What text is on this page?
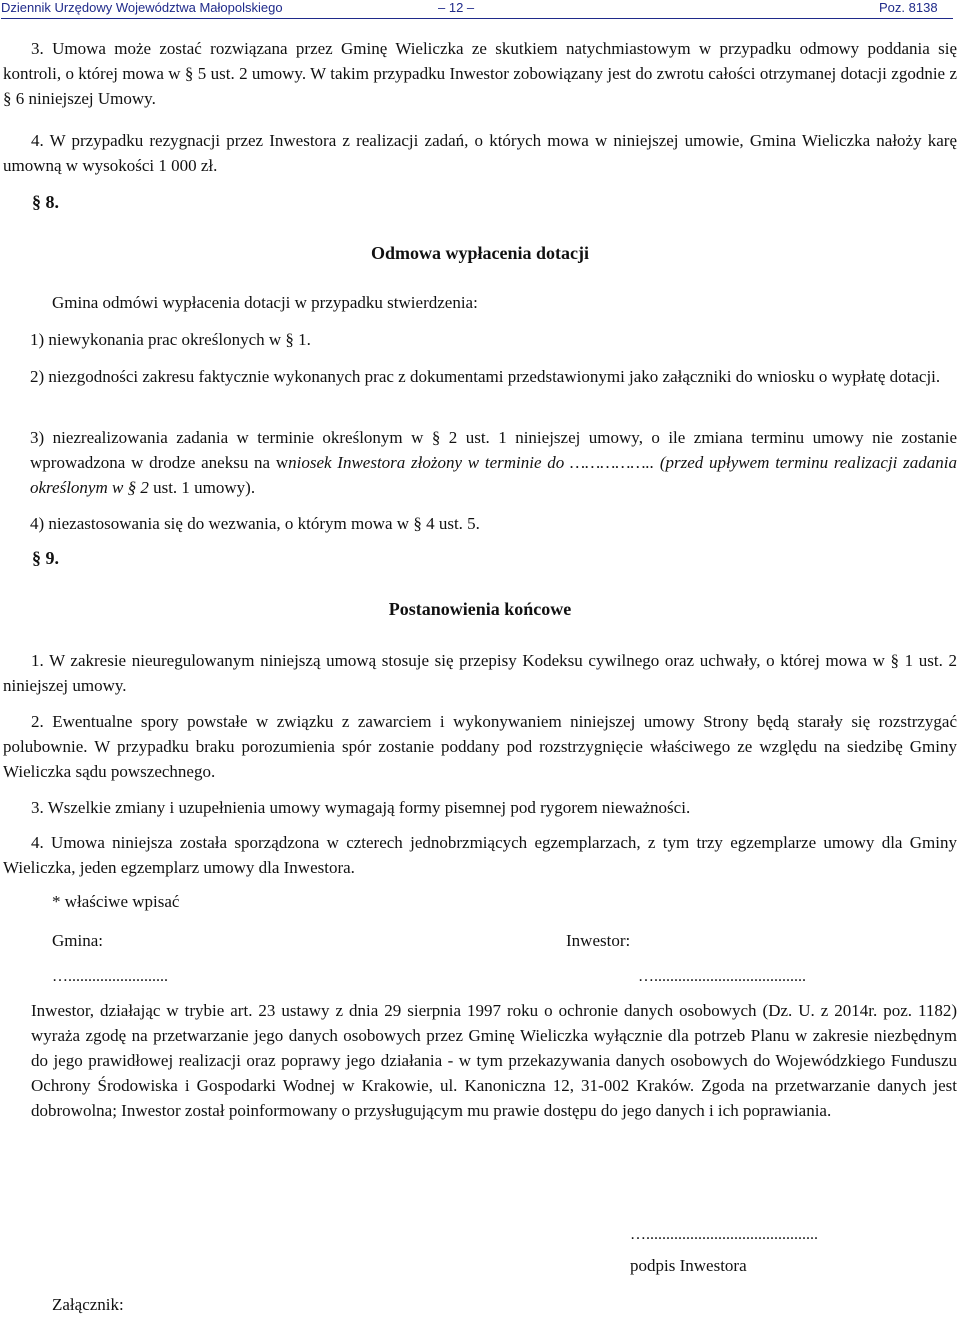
Dziennik Urzędowy Województwa Małopolskiego	– 12 –	Poz. 8138

3. Umowa może zostać rozwiązana przez Gminę Wieliczka ze skutkiem natychmiastowym w przypadku odmowy poddania się kontroli, o której mowa w § 5 ust. 2 umowy. W takim przypadku Inwestor zobowiązany jest do zwrotu całości otrzymanej dotacji zgodnie z § 6 niniejszej Umowy.

4. W przypadku rezygnacji przez Inwestora z realizacji zadań, o których mowa w niniejszej umowie, Gmina Wieliczka nałoży karę umowną w wysokości 1 000 zł.

§ 8.
Odmowa wypłacenia dotacji

Gmina odmówi wypłacenia dotacji w przypadku stwierdzenia:

1) niewykonania prac określonych w § 1.

2) niezgodności zakresu faktycznie wykonanych prac z dokumentami przedstawionymi jako załączniki do wniosku o wypłatę dotacji.

3) niezrealizowania zadania w terminie określonym w § 2 ust. 1 niniejszej umowy, o ile zmiana terminu umowy nie zostanie wprowadzona w drodze aneksu na wniosek Inwestora złożony w terminie do …………….. (przed upływem terminu realizacji zadania określonym w § 2 ust. 1 umowy).

4) niezastosowania się do wezwania, o którym mowa w § 4 ust. 5.

§ 9.
Postanowienia końcowe

1. W zakresie nieuregulowanym niniejszą umową stosuje się przepisy Kodeksu cywilnego oraz uchwały, o której mowa w § 1 ust. 2 niniejszej umowy.

2. Ewentualne spory powstałe w związku z zawarciem i wykonywaniem niniejszej umowy Strony będą starały się rozstrzygać polubownie. W przypadku braku porozumienia spór zostanie poddany pod rozstrzygnięcie właściwego ze względu na siedzibę Gminy Wieliczka sądu powszechnego.

3. Wszelkie zmiany i uzupełnienia umowy wymagają formy pisemnej pod rygorem nieważności.

4. Umowa niniejsza została sporządzona w czterech jednobrzmiących egzemplarzach, z tym trzy egzemplarze umowy dla Gminy Wieliczka, jeden egzemplarz umowy dla Inwestora.

* właściwe wpisać

Gmina:	Inwestor:

….........................	…......................................

Inwestor, działając w trybie art. 23 ustawy z dnia 29 sierpnia 1997 roku o ochronie danych osobowych (Dz. U. z 2014r. poz. 1182) wyraża zgodę na przetwarzanie jego danych osobowych przez Gminę Wieliczka wyłącznie dla potrzeb Planu w zakresie niezbędnym do jego prawidłowej realizacji oraz poprawy jego działania - w tym przekazywania danych osobowych do Wojewódzkiego Funduszu Ochrony Środowiska i Gospodarki Wodnej w Krakowie, ul. Kanoniczna 12, 31-002 Kraków. Zgoda na przetwarzanie danych jest dobrowolna; Inwestor został poinformowany o przysługującym mu prawie dostępu do jego danych i ich poprawiania.

…...........................................

podpis Inwestora

Załącznik:
